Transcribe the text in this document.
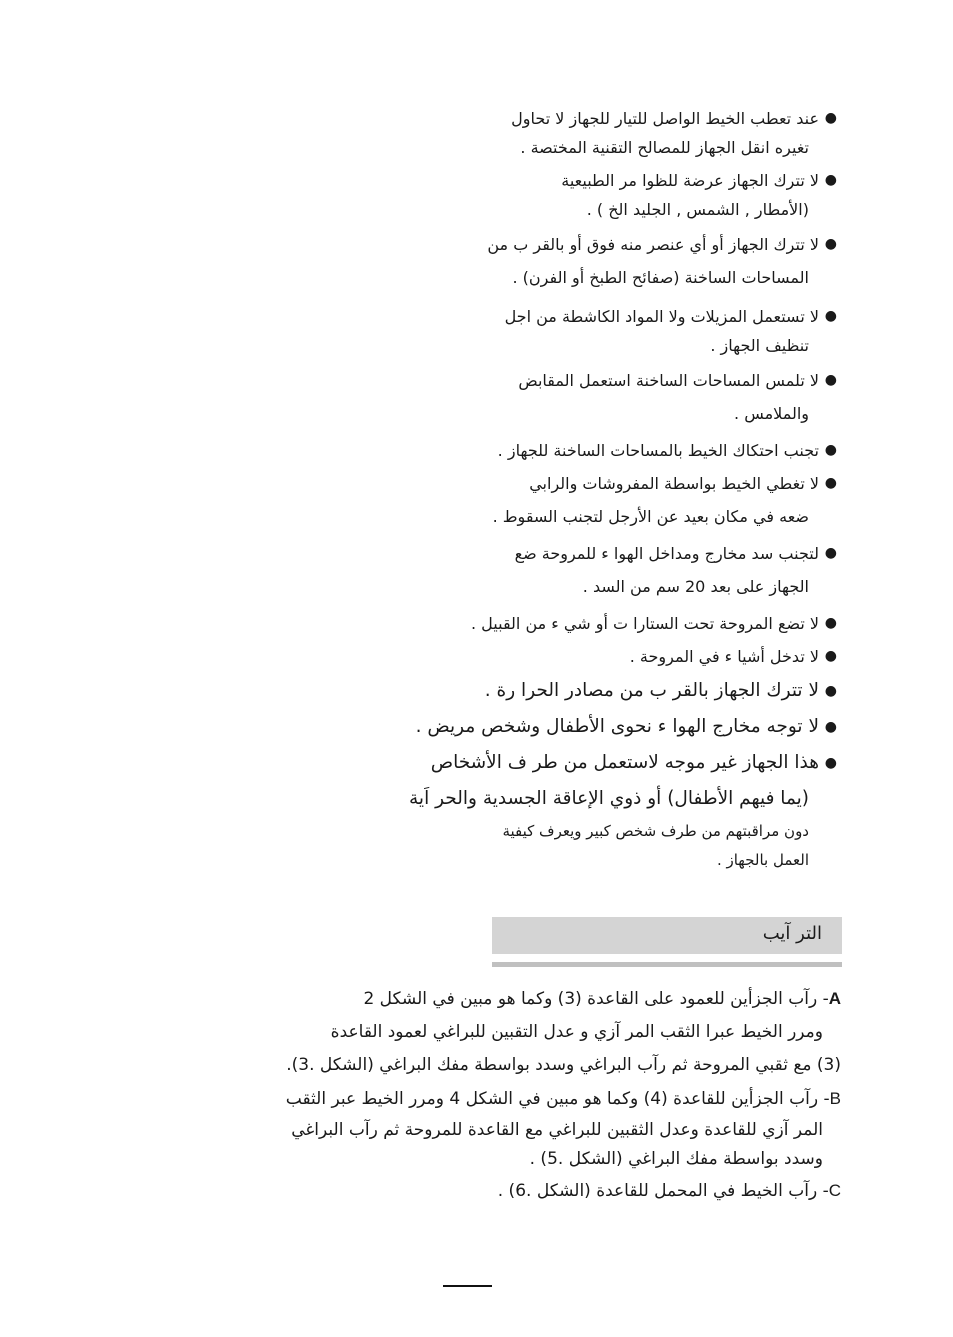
●
عند تعطب الخيط الواصل للتيار للجهاز لا تحاول
تغيره انقل الجهاز للمصالح التقنية المختصة .
●
لا تترك الجهاز عرضة للظوا مر الطبيعية
(الأمطار , الشمس , الجليد الخ ) .
●
لا تترك الجهاز أو أي عنصر منه فوق أو بالقر ب من
المساحات الساخنة (صفائح الطبخ أو الفرن) .
●
لا تستعمل المزيلات ولا المواد الكاشطة من اجل
تنظيف الجهاز .
●
لا تلمس المساحات الساخنة استعمل المقابض
والملامس .
●
تجنب احتكاك الخيط بالمساحات الساخنة للجهاز .
●
لا تغطي الخيط بواسطة المفروشات والرابي
ضعه في مكان بعيد عن الأرجل لتجنب السقوط .
●
لتجنب سد مخارج ومداخل الهوا ء للمروحة ضع
الجهاز على بعد 20 سم من السد .
●
لا تضع المروحة تحت الستارا ت أو شي ء من القبيل .
●
لا تدخل أشيا ء في المروحة .
●
لا تترك الجهاز بالقر ب من مصادر الحرا رة .
●
لا توجه مخارج الهوا ء نحوى الأطفال وشخص مريض .
●
هذا الجهاز غير موجه لاستعمل من طر ف الأشخاص
(يما فيهم الأطفال) أو ذوي الإعاقة الجسدية والحر اَية
دون مراقبتهم من طرف شخص كبير ويعرف كيفية
العمل بالجهاز .
التر آيب
A- رآب الجزأين للعمود على القاعدة (3) وكما هو مبين في الشكل 2
ومرر الخيط عبرا الثقب المر آزي و عدل التقبين للبراغي لعمود القاعدة
(3) مع ثقبي المروحة ثم رآب البراغي وسدد بواسطة مفك البراغي (الشكل .3).
B- رآب الجزأين للقاعدة (4) وكما هو مبين في الشكل 4 ومرر الخيط عبر الثقب
المر آزي للقاعدة وعدل الثقبين للبراغي مع القاعدة للمروحة ثم رآب البراغي
وسدد بواسطة مفك البراغي (الشكل .5) .
C- رآب الخيط في المحمل للقاعدة (الشكل .6) .
